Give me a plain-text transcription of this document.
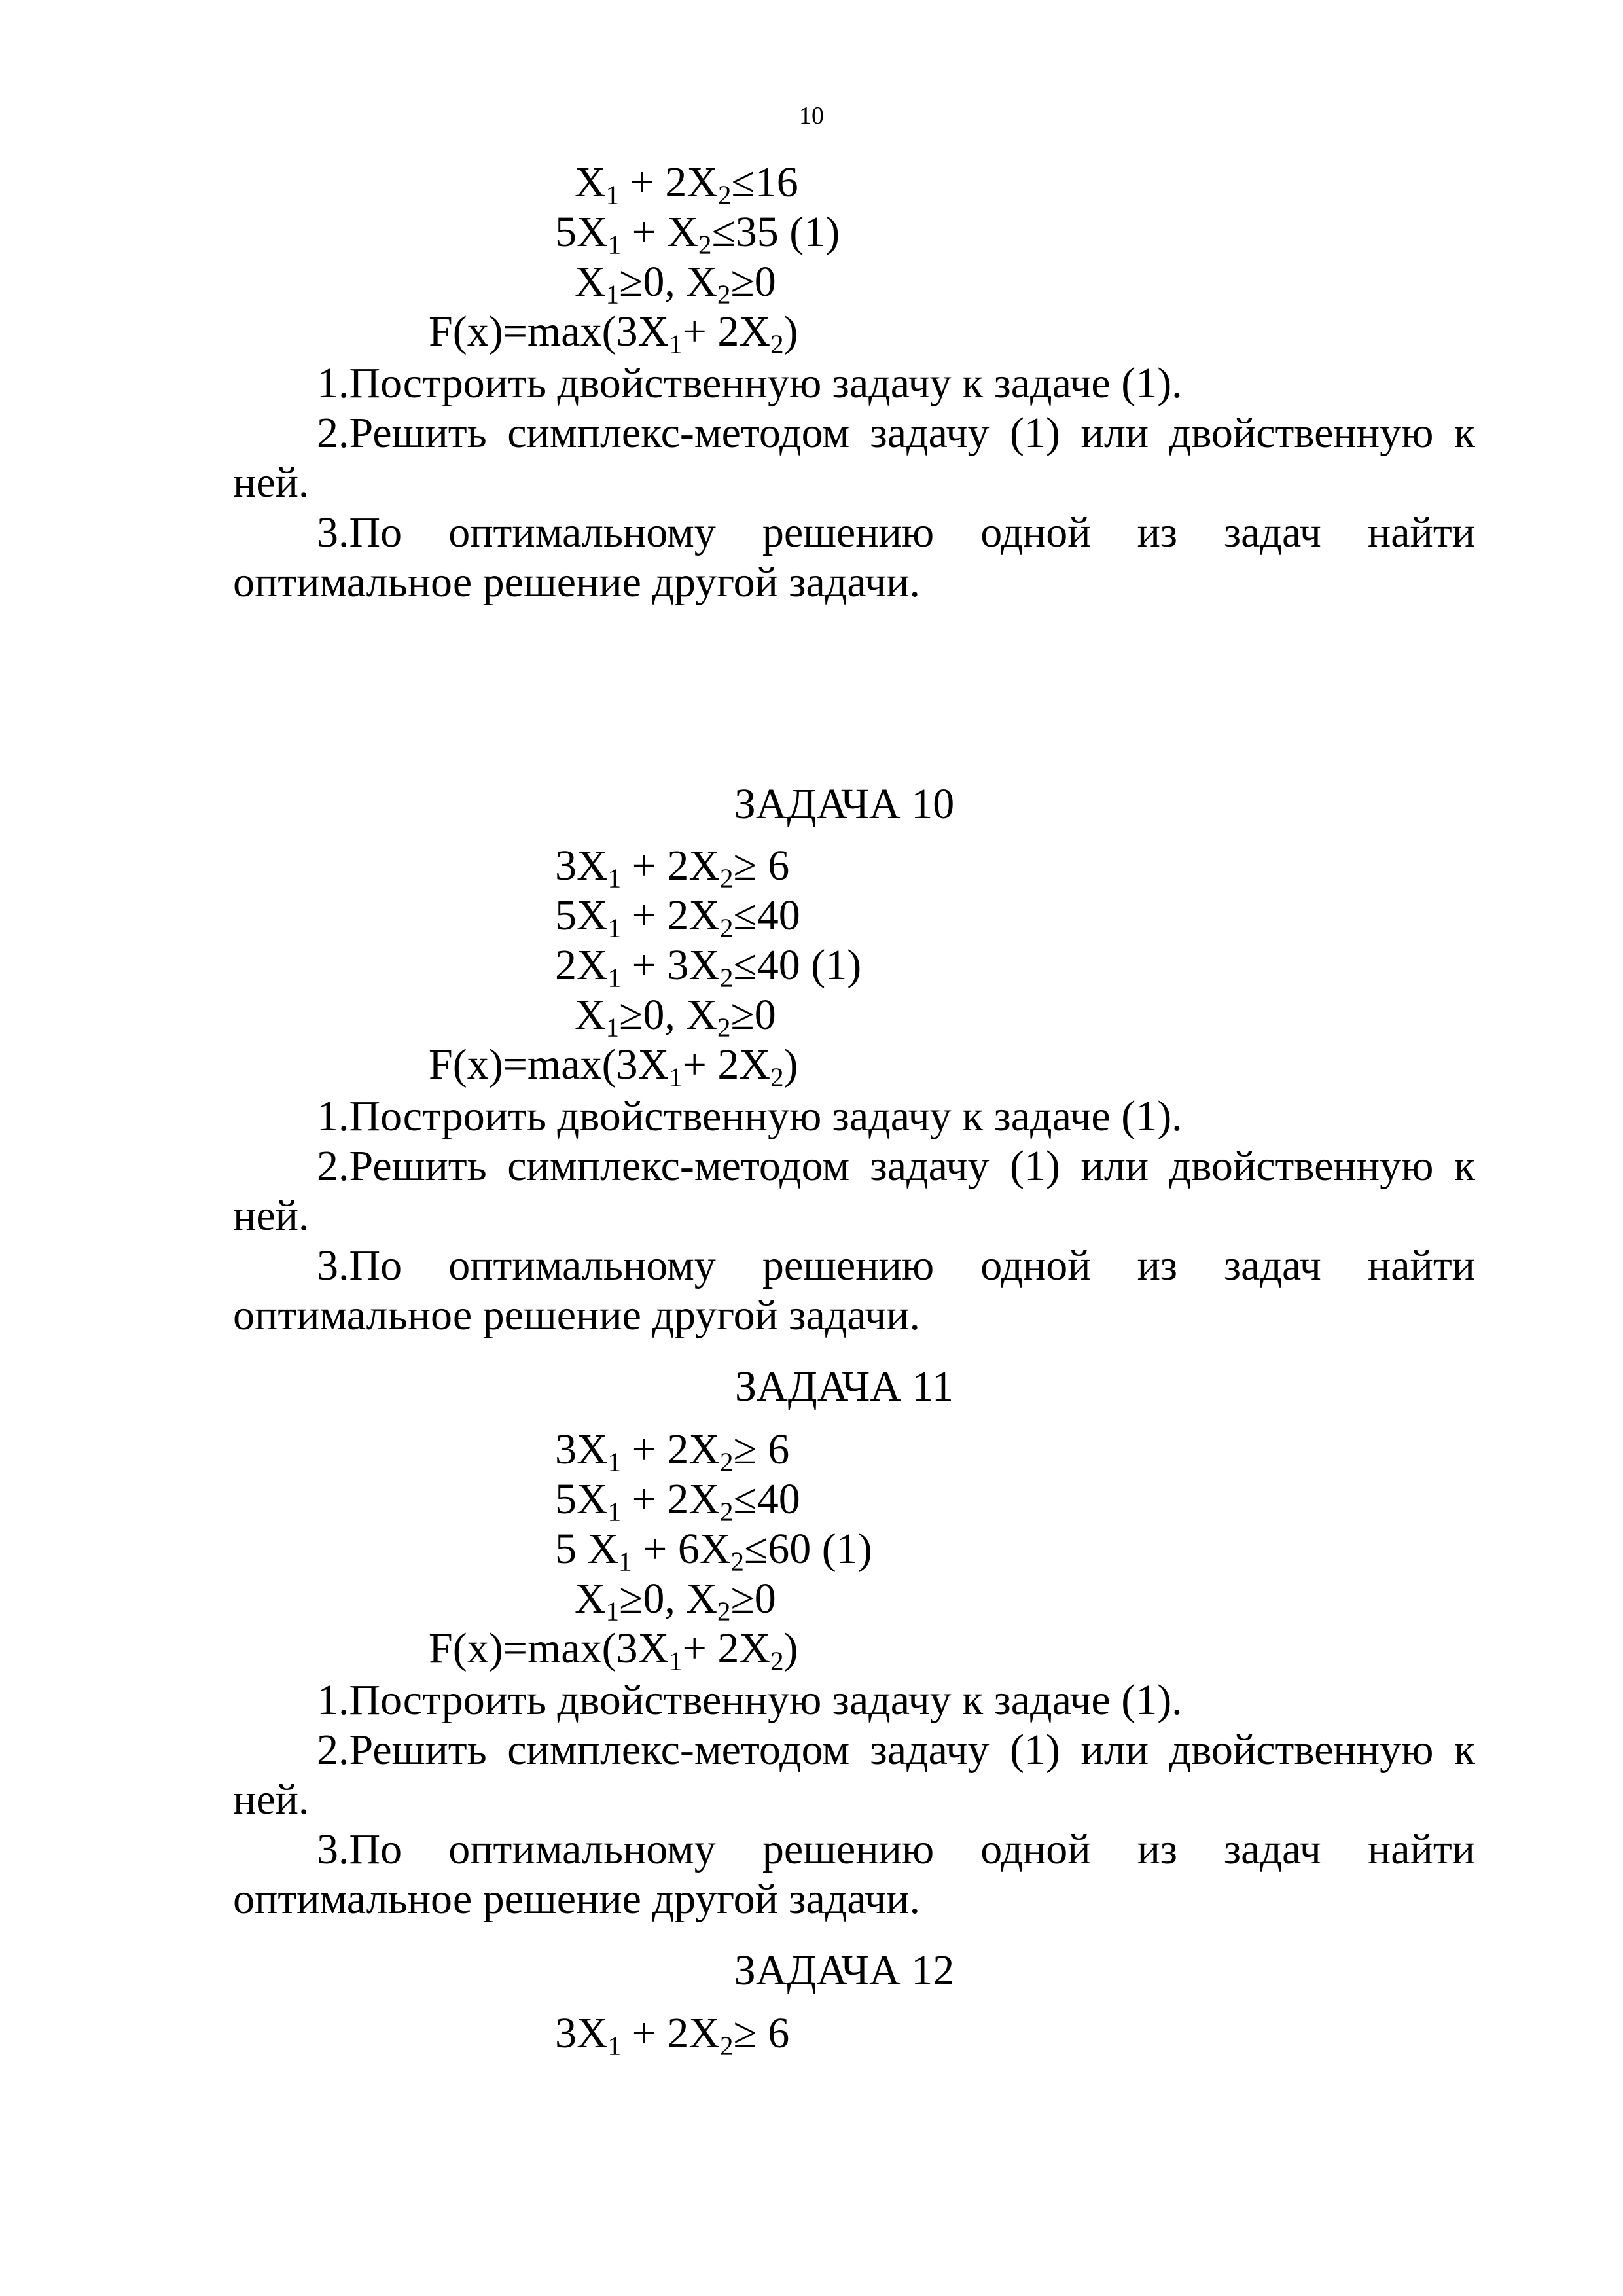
10
$X_1 + 2X_2\le 16$
$5X_1 + X_2\le 35$ (1)
$X_1\ge 0$, $X_2\ge 0$
$F(x)=\max(3X_1+ 2X_2)$

1.Построить двойственную задачу к задаче (1).

2.Решить симплекс-методом задачу (1) или двойственную к ней.

3.По оптимальному решению одной из задач найти оптимальное решение другой задачи.

ЗАДАЧА 10
$3X_1 + 2X_2\ge 6$
$5X_1 + 2X_2\le 40$
$2X_1 + 3X_2\le 40$ (1)
$X_1\ge 0$, $X_2\ge 0$
$F(x)=\max(3X_1+ 2X_2)$

1.Построить двойственную задачу к задаче (1).

2.Решить симплекс-методом задачу (1) или двойственную к ней.

3.По оптимальному решению одной из задач найти оптимальное решение другой задачи.

ЗАДАЧА 11
$3X_1 + 2X_2\ge 6$
$5X_1 + 2X_2\le 40$
5 $X_1 + 6X_2\le 60$ (1)
$X_1\ge 0$, $X_2\ge 0$
$F(x)=\max(3X_1+ 2X_2)$

1.Построить двойственную задачу к задаче (1).

2.Решить симплекс-методом задачу (1) или двойственную к ней.

3.По оптимальному решению одной из задач найти оптимальное решение другой задачи.

ЗАДАЧА 12
$3X_1 + 2X_2\ge 6$
